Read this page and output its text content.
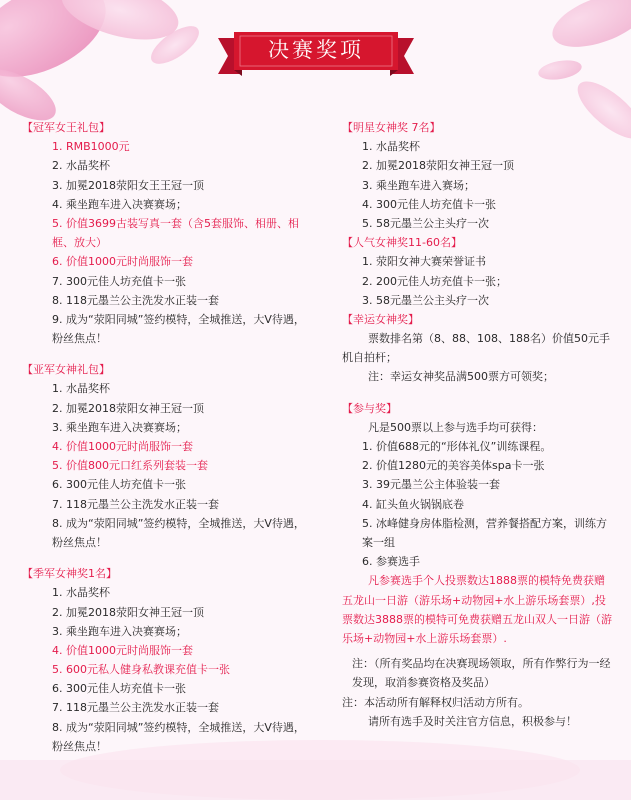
决赛奖项
【冠军女王礼包】
1. RMB1000元
2. 水晶奖杯
3. 加冕2018荥阳女王王冠一顶
4. 乘坐跑车进入决赛赛场；
5. 价值3699古装写真一套（含5套服饰、相册、相框、放大）
6. 价值1000元时尚服饰一套
7. 300元佳人坊充值卡一张
8. 118元墨兰公主洗发水正装一套
9. 成为“荥阳同城”签约模特，全城推送，大V待遇，粉丝焦点！
【亚军女神礼包】
1. 水晶奖杯
2. 加冕2018荥阳女神王冠一顶
3. 乘坐跑车进入决赛赛场；
4. 价值1000元时尚服饰一套
5. 价值800元口红系列套装一套
6. 300元佳人坊充值卡一张
7. 118元墨兰公主洗发水正装一套
8. 成为“荥阳同城”签约模特，全城推送，大V待遇，粉丝焦点！
【季军女神奖1名】
1. 水晶奖杯
2. 加冕2018荥阳女神王冠一顶
3. 乘坐跑车进入决赛赛场；
4. 价值1000元时尚服饰一套
5. 600元私人健身私教课充值卡一张
6. 300元佳人坊充值卡一张
7. 118元墨兰公主洗发水正装一套
8. 成为“荥阳同城”签约模特，全城推送，大V待遇，粉丝焦点！
【明星女神奖 7名】
1. 水晶奖杯
2. 加冕2018荥阳女神王冠一顶
3. 乘坐跑车进入赛场；
4. 300元佳人坊充值卡一张
5. 58元墨兰公主头疗一次
【人气女神奖11-60名】
1. 荥阳女神大赛荣誉证书
2. 200元佳人坊充值卡一张；
3. 58元墨兰公主头疗一次
【幸运女神奖】
票数排名第（8、88、108、188名）价值50元手机自拍杆；
注：幸运女神奖品满500票方可领奖；
【参与奖】
凡是500票以上参与选手均可获得：
1. 价值688元的“形体礼仪”训练课程。
2. 价值1280元的美容美体spa卡一张
3. 39元墨兰公主体验装一套
4. 缸头鱼火锅锅底卷
5. 冰峰健身房体脂检测，营养餐搭配方案，训练方案一组
6. 参赛选手
凡参赛选手个人投票数达1888票的模特免费获赠五龙山一日游（游乐场+动物园+水上游乐场套票）,投票数达3888票的模特可免费获赠五龙山双人一日游（游乐场+动物园+水上游乐场套票）.
注：（所有奖品均在决赛现场领取，所有作弊行为一经发现，取消参赛资格及奖品）
注：本活动所有解释权归活动方所有。
请所有选手及时关注官方信息，积极参与！
